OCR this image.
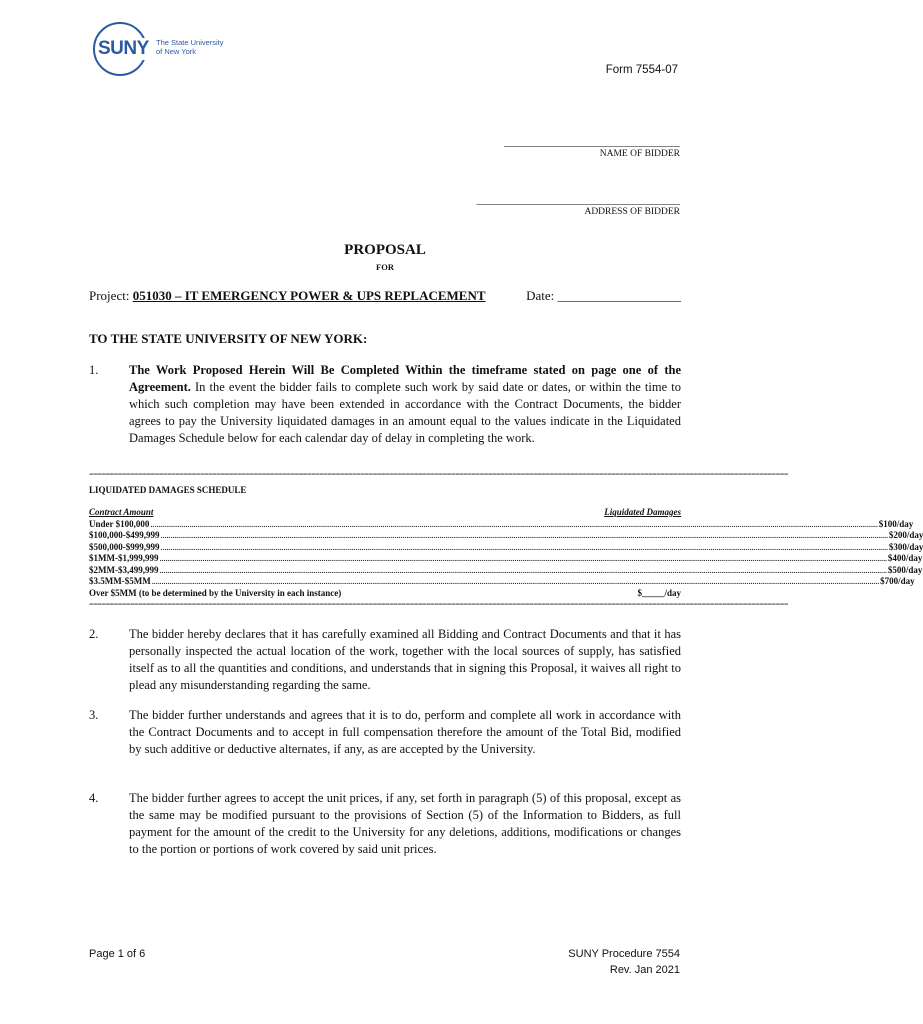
SUNY The State University
of New York
Form 7554-07
________________________________
NAME OF BIDDER
_____________________________________
ADDRESS OF BIDDER
PROPOSAL
FOR
Project: 051030 – IT EMERGENCY POWER & UPS REPLACEMENT	Date: ___________________
TO THE STATE UNIVERSITY OF NEW YORK:
1. The Work Proposed Herein Will Be Completed Within the timeframe stated on page one of the Agreement. In the event the bidder fails to complete such work by said date or dates, or within the time to which such completion may have been extended in accordance with the Contract Documents, the bidder agrees to pay the University liquidated damages in an amount equal to the values indicate in the Liquidated Damages Schedule below for each calendar day of delay in completing the work.
==========================================================================================================================================================================
LIQUIDATED DAMAGES SCHEDULE
Contract Amount	Liquidated Damages
Under $100,000 .....	$100/day
$100,000-$499,999 .....	$200/day
$500,000-$999,999 .....	$300/day
$1MM-$1,999,999 .....	$400/day
$2MM-$3,499,999 .....	$500/day
$3.5MM-$5MM .....	$700/day
Over $5MM (to be determined by the University in each instance)	$_____/day
==========================================================================================================================================================================
2. The bidder hereby declares that it has carefully examined all Bidding and Contract Documents and that it has personally inspected the actual location of the work, together with the local sources of supply, has satisfied itself as to all the quantities and conditions, and understands that in signing this Proposal, it waives all right to plead any misunderstanding regarding the same.
3. The bidder further understands and agrees that it is to do, perform and complete all work in accordance with the Contract Documents and to accept in full compensation therefore the amount of the Total Bid, modified by such additive or deductive alternates, if any, as are accepted by the University.
4. The bidder further agrees to accept the unit prices, if any, set forth in paragraph (5) of this proposal, except as the same may be modified pursuant to the provisions of Section (5) of the Information to Bidders, as full payment for the amount of the credit to the University for any deletions, additions, modifications or changes to the portion or portions of work covered by said unit prices.
Page 1 of 6	SUNY Procedure 7554
Rev. Jan 2021
